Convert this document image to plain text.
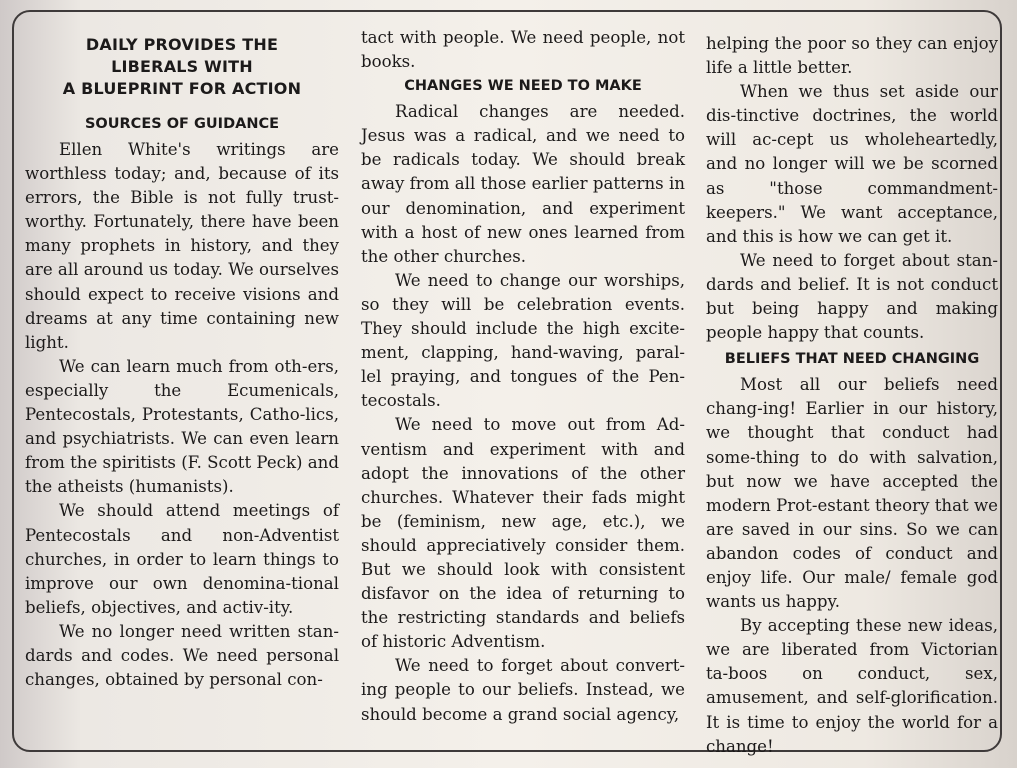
DAILY PROVIDES THE
LIBERALS WITH
A BLUEPRINT FOR ACTION
SOURCES OF GUIDANCE

Ellen White's writings are worthless today; and, because of its errors, the Bible is not fully trust-worthy. Fortunately, there have been many prophets in history, and they are all around us today. We ourselves should expect to receive visions and dreams at any time containing new light.

We can learn much from oth-ers, especially the Ecumenicals, Pentecostals, Protestants, Catho-lics, and psychiatrists. We can even learn from the spiritists (F. Scott Peck) and the atheists (humanists).

We should attend meetings of Pentecostals and non-Adventist churches, in order to learn things to improve our own denomina-tional beliefs, objectives, and activ-ity.

We no longer need written stan-dards and codes. We need personal changes, obtained by personal con-

tact with people. We need people, not books.

CHANGES WE NEED TO MAKE

Radical changes are needed. Jesus was a radical, and we need to be radicals today. We should break away from all those earlier patterns in our denomination, and experiment with a host of new ones learned from the other churches.

We need to change our worships, so they will be celebration events. They should include the high excite-ment, clapping, hand-waving, paral-lel praying, and tongues of the Pen-tecostals.

We need to move out from Ad-ventism and experiment with and adopt the innovations of the other churches. Whatever their fads might be (feminism, new age, etc.), we should appreciatively consider them. But we should look with consistent disfavor on the idea of returning to the restricting standards and beliefs of historic Adventism.

We need to forget about convert-ing people to our beliefs. Instead, we should become a grand social agency,

helping the poor so they can enjoy life a little better.

When we thus set aside our dis-tinctive doctrines, the world will ac-cept us wholeheartedly, and no longer will we be scorned as "those commandment-keepers." We want acceptance, and this is how we can get it.

We need to forget about stan-dards and belief. It is not conduct but being happy and making people happy that counts.

BELIEFS THAT NEED CHANGING

Most all our beliefs need chang-ing! Earlier in our history, we thought that conduct had some-thing to do with salvation, but now we have accepted the modern Prot-estant theory that we are saved in our sins. So we can abandon codes of conduct and enjoy life. Our male/ female god wants us happy.

By accepting these new ideas, we are liberated from Victorian ta-boos on conduct, sex, amusement, and self-glorification. It is time to enjoy the world for a change!
